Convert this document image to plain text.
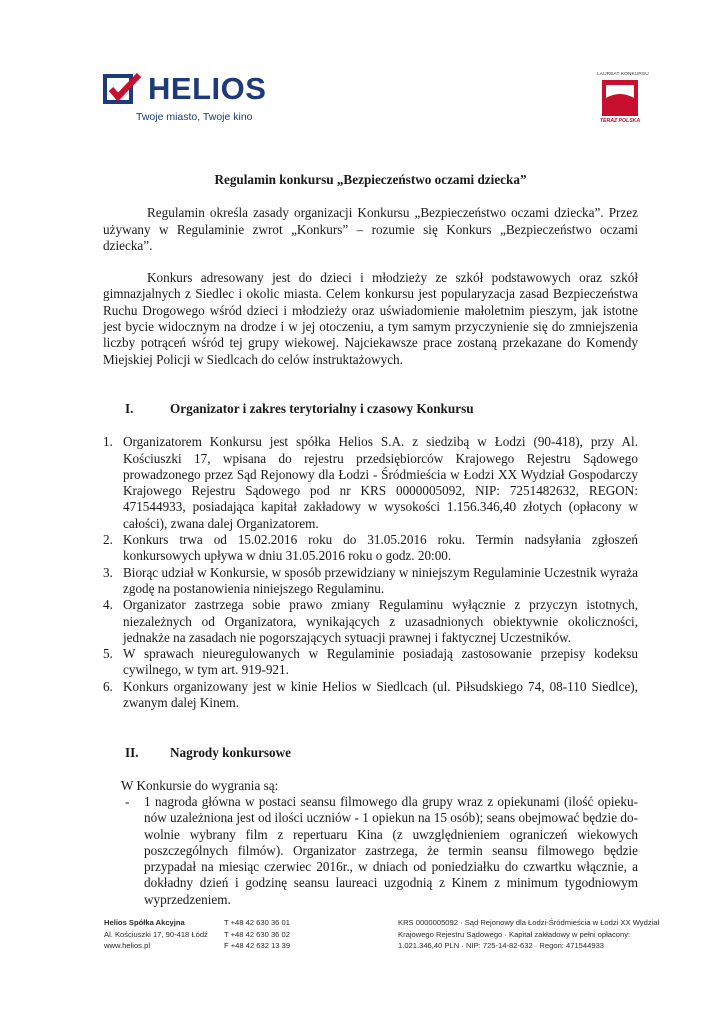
HELIOS
Twoje miasto, Twoje kino
LAUREAT KONKURSU
TERAZ POLSKA
Regulamin konkursu „Bezpieczeństwo oczami dziecka”

Regulamin określa zasady organizacji Konkursu „Bezpieczeństwo oczami dziecka”. Przez używany w Regulaminie zwrot „Konkurs” – rozumie się Konkurs „Bezpieczeństwo oczami dziecka”.

Konkurs adresowany jest do dzieci i młodzieży ze szkół podstawowych oraz szkół gimnazjalnych z Siedlec i okolic miasta. Celem konkursu jest popularyzacja zasad Bezpieczeństwa Ruchu Drogowego wśród dzieci i młodzieży oraz uświadomienie małoletnim pieszym, jak istotne jest bycie widocznym na drodze i w jej otoczeniu, a tym samym przyczynienie się do zmniejszenia liczby potrąceń wśród tej grupy wiekowej. Najciekawsze prace zostaną przekazane do Komendy Miejskiej Policji w Siedlcach do celów instruktażowych.

I.	Organizator i zakres terytorialny i czasowy Konkursu
1. Organizatorem Konkursu jest spółka Helios S.A. z siedzibą w Łodzi (90-418), przy Al. Kościuszki 17, wpisana do rejestru przedsiębiorców Krajowego Rejestru Sądowego prowadzonego przez Sąd Rejonowy dla Łodzi - Śródmieścia w Łodzi XX Wydział Gospodarczy Krajowego Rejestru Sądowego pod nr KRS 0000005092, NIP: 7251482632, REGON: 471544933, posiadająca kapitał zakładowy w wysokości 1.156.346,40 złotych (opłacony w całości), zwana dalej Organizatorem.
2. Konkurs trwa od 15.02.2016 roku do 31.05.2016 roku. Termin nadsyłania zgłoszeń konkursowych upływa w dniu 31.05.2016 roku o godz. 20:00.
3. Biorąc udział w Konkursie, w sposób przewidziany w niniejszym Regulaminie Uczestnik wyraża zgodę na postanowienia niniejszego Regulaminu.
4. Organizator zastrzega sobie prawo zmiany Regulaminu wyłącznie z przyczyn istotnych, niezależnych od Organizatora, wynikających z uzasadnionych obiektywnie okoliczności, jednakże na zasadach nie pogorszających sytuacji prawnej i faktycznej Uczestników.
5. W sprawach nieuregulowanych w Regulaminie posiadają zastosowanie przepisy kodeksu cywilnego, w tym art. 919-921.
6. Konkurs organizowany jest w kinie Helios w Siedlcach (ul. Piłsudskiego 74, 08-110 Siedlce), zwanym dalej Kinem.
II.	Nagrody konkursowe

W Konkursie do wygrania są:

-	1 nagroda główna w postaci seansu filmowego dla grupy wraz z opiekunami (ilość opiekunów uzależniona jest od ilości uczniów - 1 opiekun na 15 osób); seans obejmować będzie dowolnie wybrany film z repertuaru Kina (z uwzględnieniem ograniczeń wiekowych poszczególnych filmów). Organizator zastrzega, że termin seansu filmowego będzie przypadał na miesiąc czerwiec 2016r., w dniach od poniedziałku do czwartku włącznie, a dokładny dzień i godzinę seansu laureaci uzgodnią z Kinem z minimum tygodniowym wyprzedzeniem.
Helios Spółka Akcyjna
Al. Kościuszki 17, 90-418 Łódź
www.helios.pl
T +48 42 630 36 01
T +48 42 630 36 02
F +48 42 632 13 39
KRS 0000005092 · Sąd Rejonowy dla Łodzi-Śródmieścia w Łodzi XX Wydział
Krajowego Rejestru Sądowego · Kapitał zakładowy w pełni opłacony:
1.021.346,40 PLN · NIP: 725-14-82-632 · Regon: 471544933
